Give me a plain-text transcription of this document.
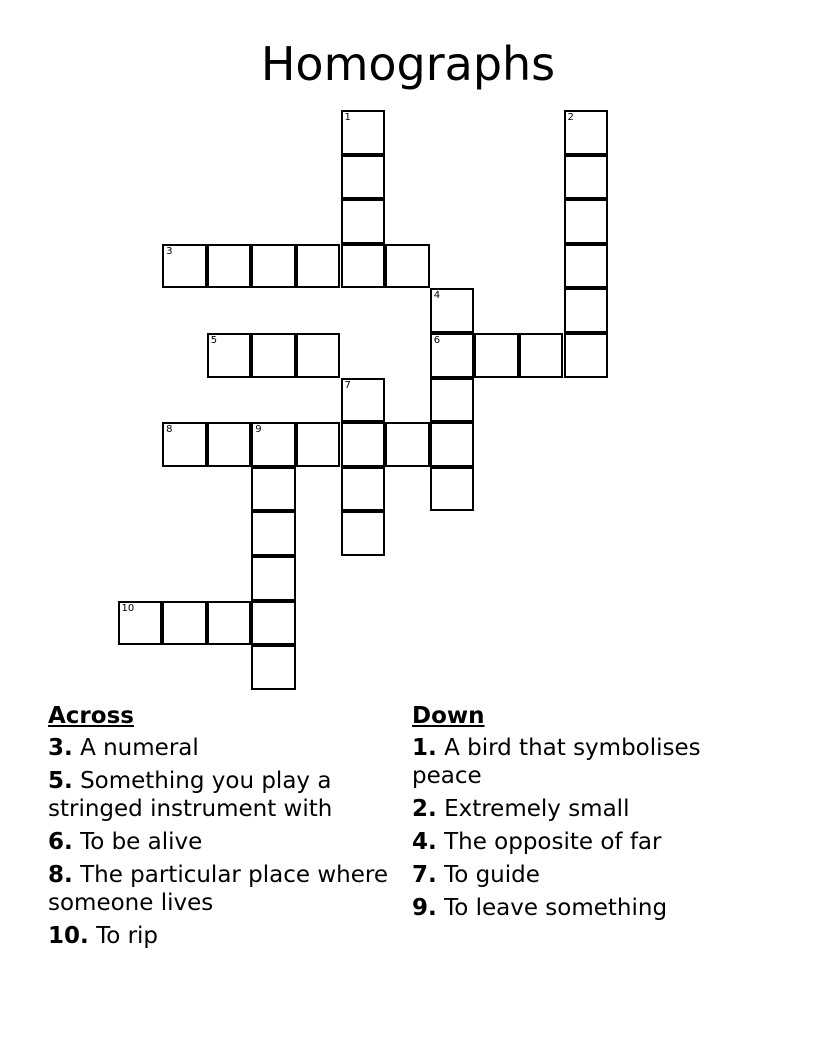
Homographs
1	2
3
4
5	6
7
8	9
10
Across
3. A numeral
5. Something you play a stringed instrument with
6. To be alive
8. The particular place where someone lives
10. To rip
Down
1. A bird that symbolises peace
2. Extremely small
4. The opposite of far
7. To guide
9. To leave something
